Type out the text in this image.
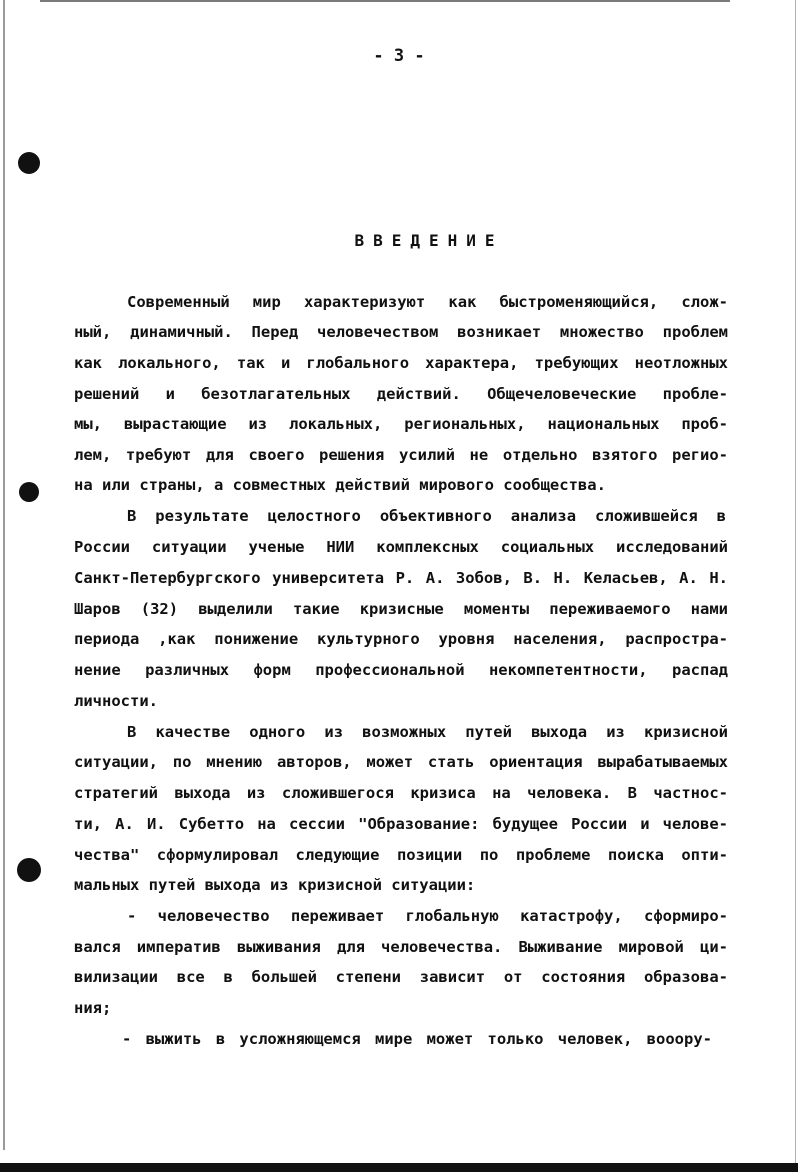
- 3 -
ВВЕДЕНИЕ
Современный мир характеризуют как быстроменяющийся, слож-
ный, динамичный. Перед человечеством возникает множество проблем
как локального, так и глобального характера, требующих неотложных
решений и безотлагательных действий. Общечеловеческие пробле-
мы, вырастающие из локальных, региональных, национальных проб-
лем, требуют для своего решения усилий не отдельно взятого регио-
на или страны, а совместных действий мирового сообщества.
В результате целостного объективного анализа сложившейся в
России ситуации ученые НИИ комплексных социальных исследований
Санкт-Петербургского университета Р. А. Зобов, В. Н. Келасьев, А. Н.
Шаров (32) выделили такие кризисные моменты переживаемого нами
периода ,как понижение культурного уровня населения, распростра-
нение различных форм профессиональной некомпетентности, распад
личности.
В качестве одного из возможных путей выхода из кризисной
ситуации, по мнению авторов, может стать ориентация вырабатываемых
стратегий выхода из сложившегося кризиса на человека. В частнос-
ти, А. И. Субетто на сессии "Образование: будущее России и челове-
чества" сформулировал следующие позиции по проблеме поиска опти-
мальных путей выхода из кризисной ситуации:
- человечество переживает глобальную катастрофу, сформиро-
вался императив выживания для человечества. Выживание мировой ци-
вилизации все в большей степени зависит от состояния образова-
ния;
- выжить в усложняющемся мире может только человек, вооору-
